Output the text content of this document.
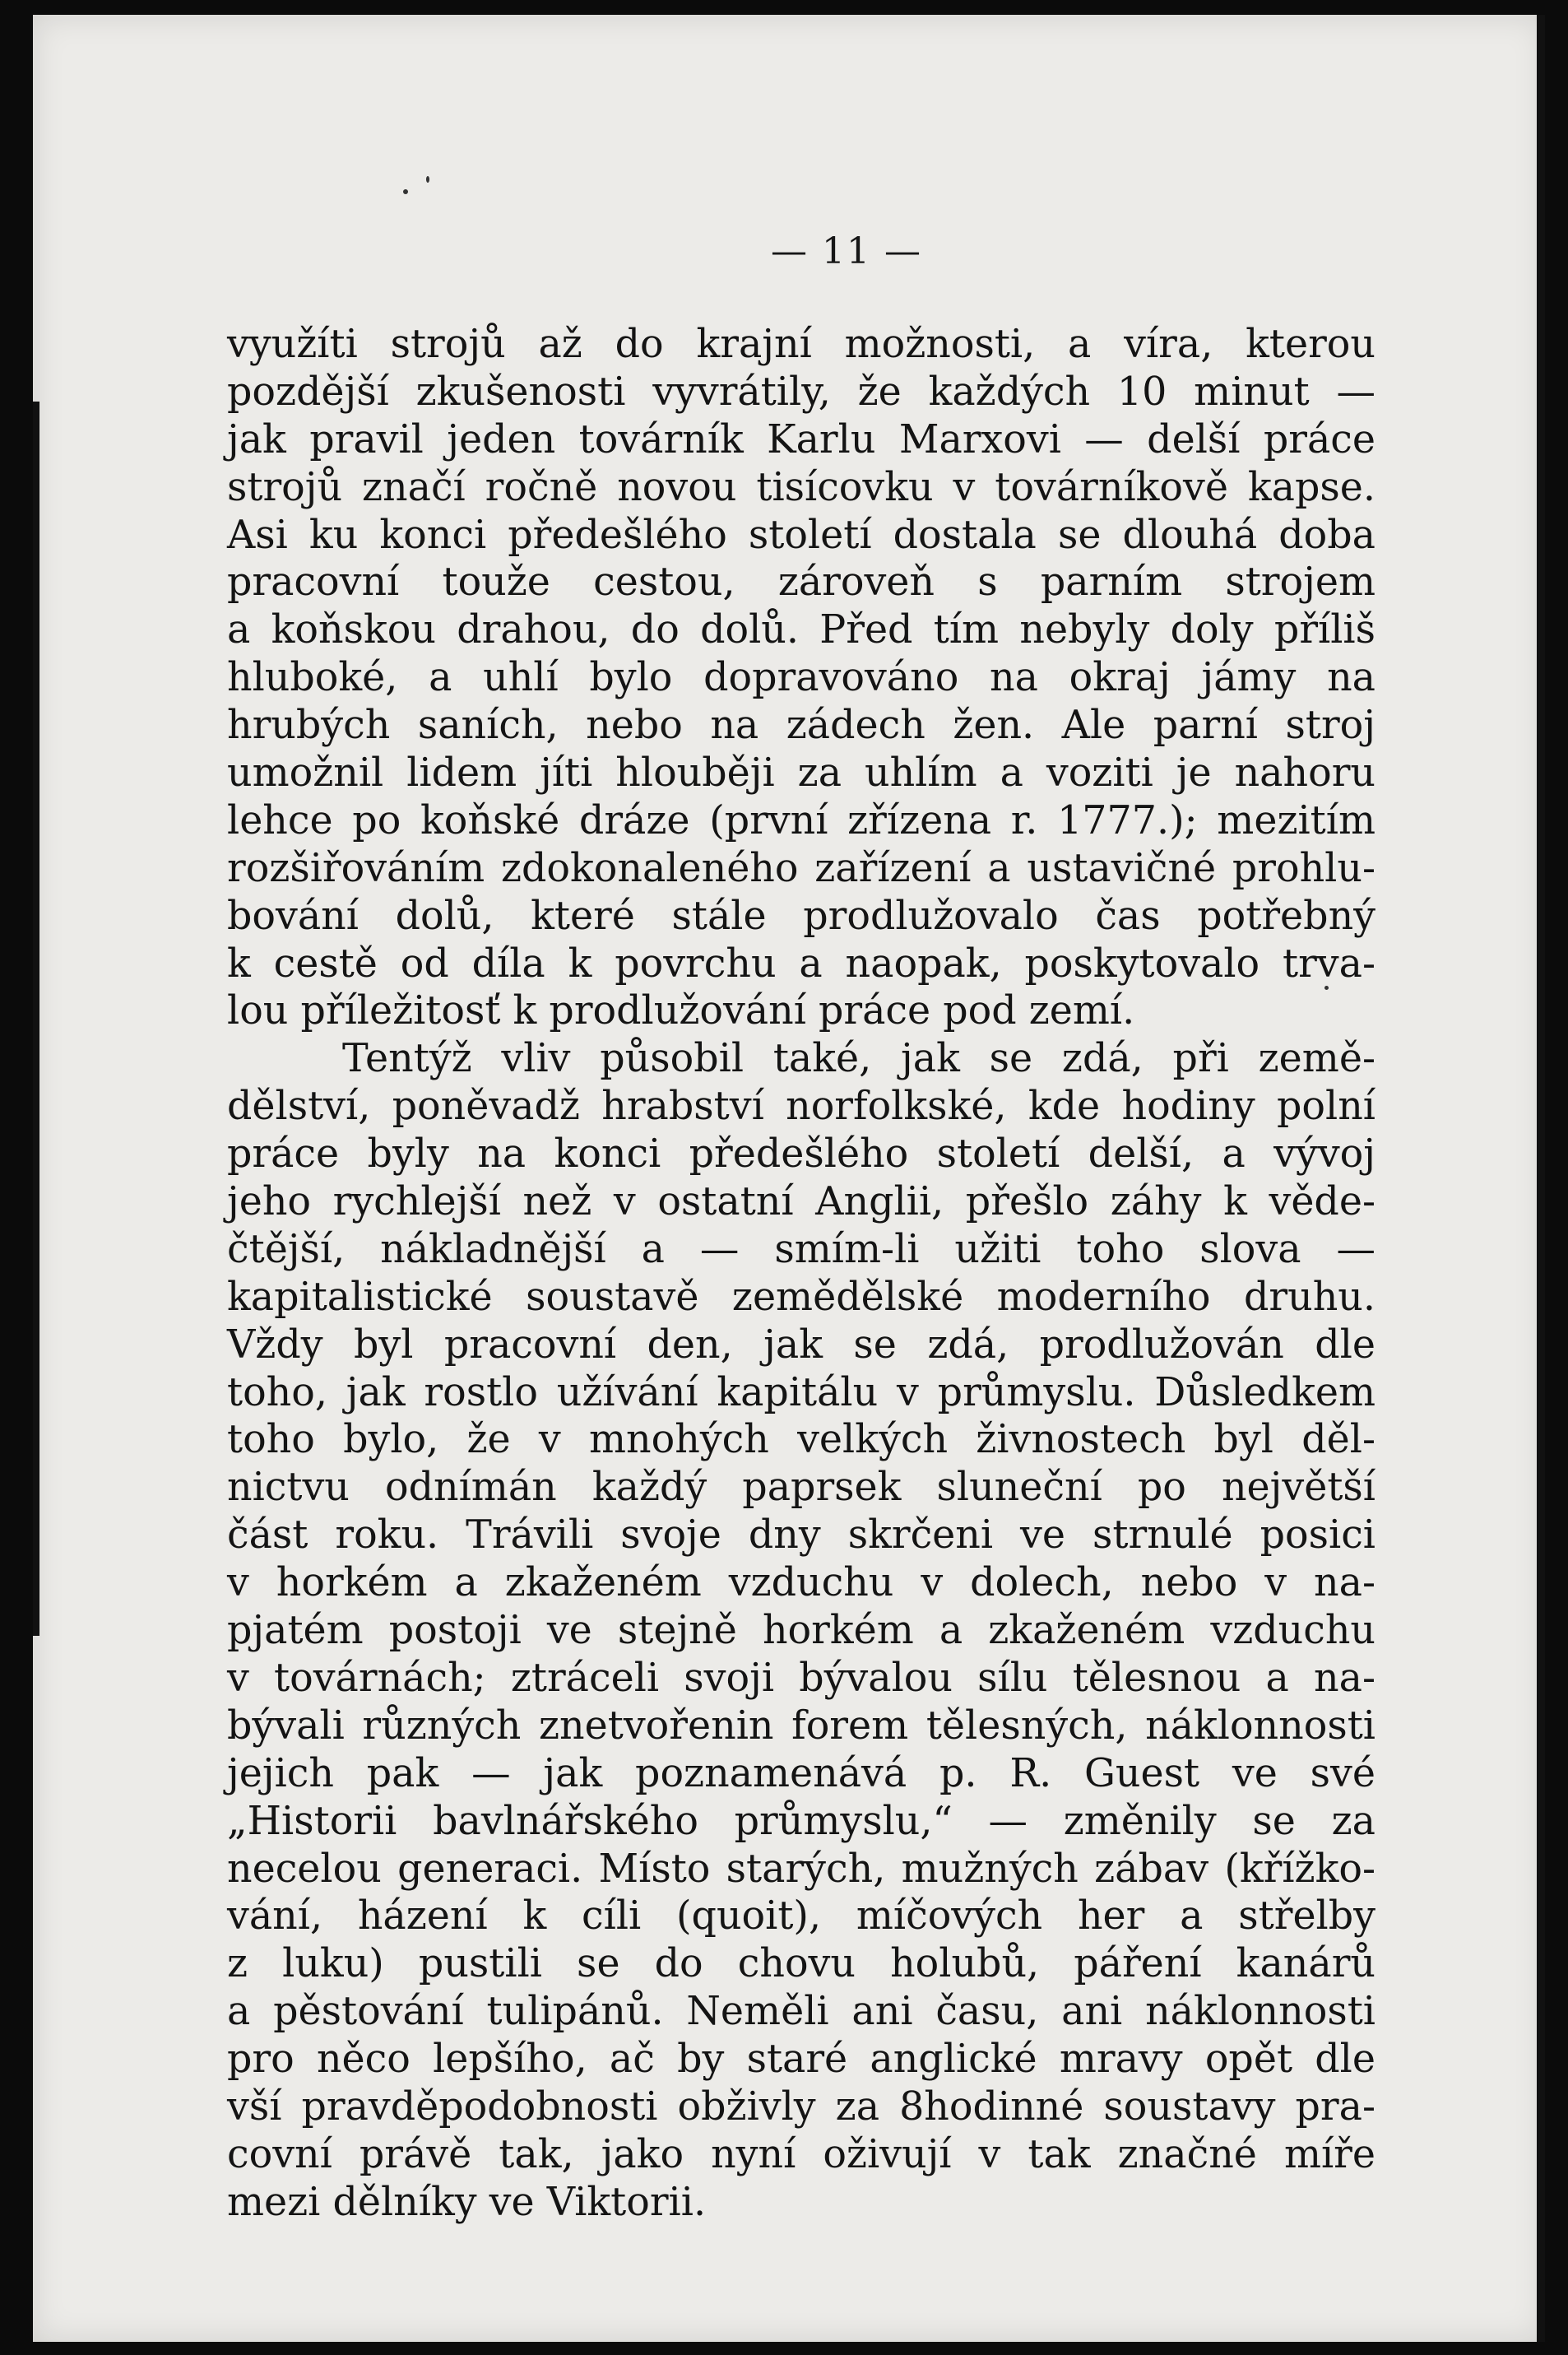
— 11 —
využíti strojů až do krajní možnosti, a víra, kterou
pozdější zkušenosti vyvrátily, že každých 10 minut —
jak pravil jeden továrník Karlu Marxovi — delší práce
strojů značí ročně novou tisícovku v továrníkově kapse.
Asi ku konci předešlého století dostala se dlouhá doba
pracovní touže cestou, zároveň s parním strojem
a koňskou drahou, do dolů. Před tím nebyly doly příliš
hluboké, a uhlí bylo dopravováno na okraj jámy na
hrubých saních, nebo na zádech žen. Ale parní stroj
umožnil lidem jíti hlouběji za uhlím a voziti je nahoru
lehce po koňské dráze (první zřízena r. 1777.); mezitím
rozšiřováním zdokonaleného zařízení a ustavičné prohlu-
bování dolů, které stále prodlužovalo čas potřebný
k cestě od díla k povrchu a naopak, poskytovalo trva-
lou příležitosť k prodlužování práce pod zemí.
Tentýž vliv působil také, jak se zdá, při země-
dělství, poněvadž hrabství norfolkské, kde hodiny polní
práce byly na konci předešlého století delší, a vývoj
jeho rychlejší než v ostatní Anglii, přešlo záhy k věde-
čtější, nákladnější a — smím-li užiti toho slova —
kapitalistické soustavě zemědělské moderního druhu.
Vždy byl pracovní den, jak se zdá, prodlužován dle
toho, jak rostlo užívání kapitálu v průmyslu. Důsledkem
toho bylo, že v mnohých velkých živnostech byl děl-
nictvu odnímán každý paprsek sluneční po největší
část roku. Trávili svoje dny skrčeni ve strnulé posici
v horkém a zkaženém vzduchu v dolech, nebo v na-
pjatém postoji ve stejně horkém a zkaženém vzduchu
v továrnách; ztráceli svoji bývalou sílu tělesnou a na-
bývali různých znetvořenin forem tělesných, náklonnosti
jejich pak — jak poznamenává p. R. Guest ve své
„Historii bavlnářského průmyslu,“ — změnily se za
necelou generaci. Místo starých, mužných zábav (křížko-
vání, házení k cíli (quoit), míčových her a střelby
z luku) pustili se do chovu holubů, páření kanárů
a pěstování tulipánů. Neměli ani času, ani náklonnosti
pro něco lepšího, ač by staré anglické mravy opět dle
vší pravděpodobnosti obživly za 8hodinné soustavy pra-
covní právě tak, jako nyní oživují v tak značné míře
mezi dělníky ve Viktorii.
